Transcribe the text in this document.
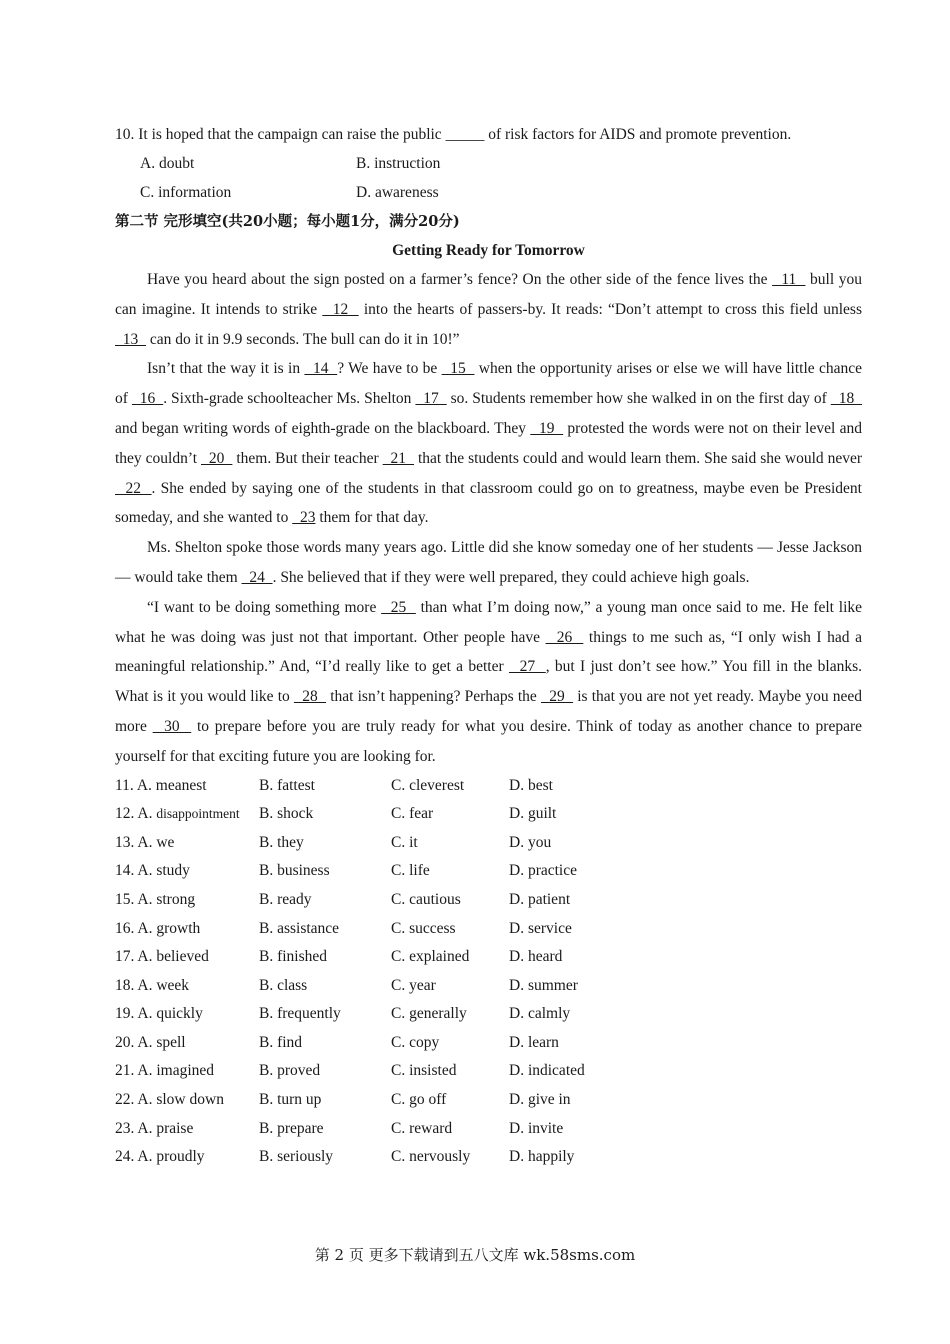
10. It is hoped that the campaign can raise the public _____ of risk factors for AIDS and promote prevention.
A. doubt	B. instruction
C. information	D. awareness
第二节 完形填空(共20小题；每小题1分，满分20分)
Getting Ready for Tomorrow

Have you heard about the sign posted on a farmer’s fence? On the other side of the fence lives the   11   bull you can imagine. It intends to strike   12   into the hearts of passers-by. It reads: “Don’t attempt to cross this field unless   13   can do it in 9.9 seconds. The bull can do it in 10!”

Isn’t that the way it is in   14  ? We have to be   15   when the opportunity arises or else we will have little chance of   16  . Sixth-grade schoolteacher Ms. Shelton   17   so. Students remember how she walked in on the first day of   18   and began writing words of eighth-grade on the blackboard. They   19   protested the words were not on their level and they couldn’t   20   them. But their teacher   21   that the students could and would learn them. She said she would never   22  . She ended by saying one of the students in that classroom could go on to greatness, maybe even be President someday, and she wanted to   23 them for that day.

Ms. Shelton spoke those words many years ago. Little did she know someday one of her students — Jesse Jackson — would take them   24  . She believed that if they were well prepared, they could achieve high goals.

“I want to be doing something more   25   than what I’m doing now,” a young man once said to me. He felt like what he was doing was just not that important. Other people have   26   things to me such as, “I only wish I had a meaningful relationship.” And, “I’d really like to get a better   27  , but I just don’t see how.” You fill in the blanks. What is it you would like to   28   that isn’t happening? Perhaps the   29   is that you are not yet ready. Maybe you need more   30   to prepare before you are truly ready for what you desire. Think of today as another chance to prepare yourself for that exciting future you are looking for.

11. A. meanest	B. fattest	C. cleverest	D. best
12. A. disappointment	B. shock	C. fear	D. guilt
13. A. we	B. they	C. it	D. you
14. A. study	B. business	C. life	D. practice
15. A. strong	B. ready	C. cautious	D. patient
16. A. growth	B. assistance	C. success	D. service
17. A. believed	B. finished	C. explained	D. heard
18. A. week	B. class	C. year	D. summer
19. A. quickly	B. frequently	C. generally	D. calmly
20. A. spell	B. find	C. copy	D. learn
21. A. imagined	B. proved	C. insisted	D. indicated
22. A. slow down	B. turn up	C. go off	D. give in
23. A. praise	B. prepare	C. reward	D. invite
24. A. proudly	B. seriously	C. nervously	D. happily
第 2 页 更多下载请到五八文库 wk.58sms.com
